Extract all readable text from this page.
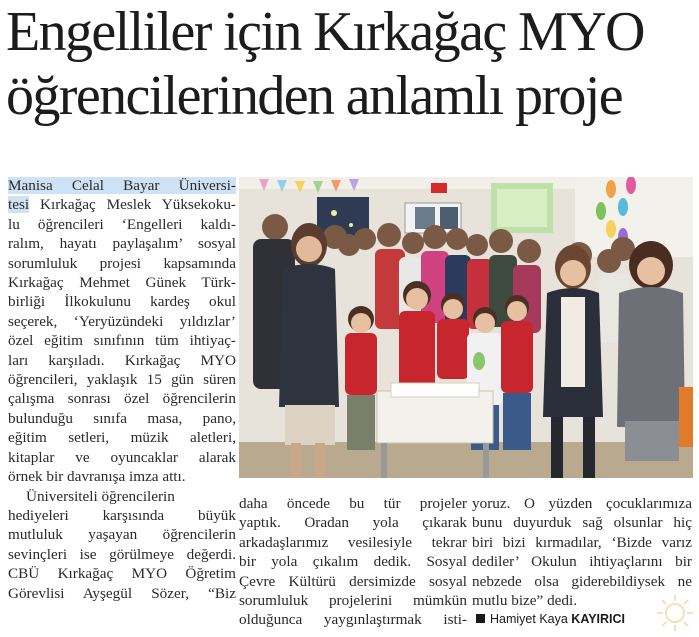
Engelliler için Kırkağaç MYO
öğrencilerinden anlamlı proje

Manisa Celal Bayar Üniversi-
tesi Kırkağaç Meslek Yüksekoku-
lu öğrencileri ‘Engelleri kaldı-
ralım, hayatı paylaşalım’ sosyal
sorumluluk projesi kapsamında
Kırkağaç Mehmet Günek Türk-
birliği İlkokulunu kardeş okul
seçerek, ‘Yeryüzündeki yıldızlar’
özel eğitim sınıfının tüm ihtiyaç-
ları karşıladı. Kırkağaç MYO
öğrencileri, yaklaşık 15 gün süren
çalışma sonrası özel öğrencilerin
bulunduğu sınıfa masa, pano,
eğitim setleri, müzik aletleri,
kitaplar ve oyuncaklar alarak
örnek bir davranışa imza attı.
Üniversiteli öğrencilerin
hediyeleri karşısında büyük
mutluluk yaşayan öğrencilerin
sevinçleri ise görülmeye değerdi.
CBÜ Kırkağaç MYO Öğretim
Görevlisi Ayşegül Sözer, “Biz

daha öncede bu tür projeler
yaptık. Oradan yola çıkarak
arkadaşlarımız vesilesiyle tekrar
bir yola çıkalım dedik. Sosyal
Çevre Kültürü dersimizde sosyal
sorumluluk projelerini mümkün
olduğunca yaygınlaştırmak isti-

yoruz. O yüzden çocuklarımıza
bunu duyurduk sağ olsunlar hiç
biri bizi kırmadılar, ‘Bizde varız
dediler’ Okulun ihtiyaçlarını bir
nebzede olsa giderebildiysek ne
mutlu bize” dedi.

Hamiyet Kaya KAYIRICI
